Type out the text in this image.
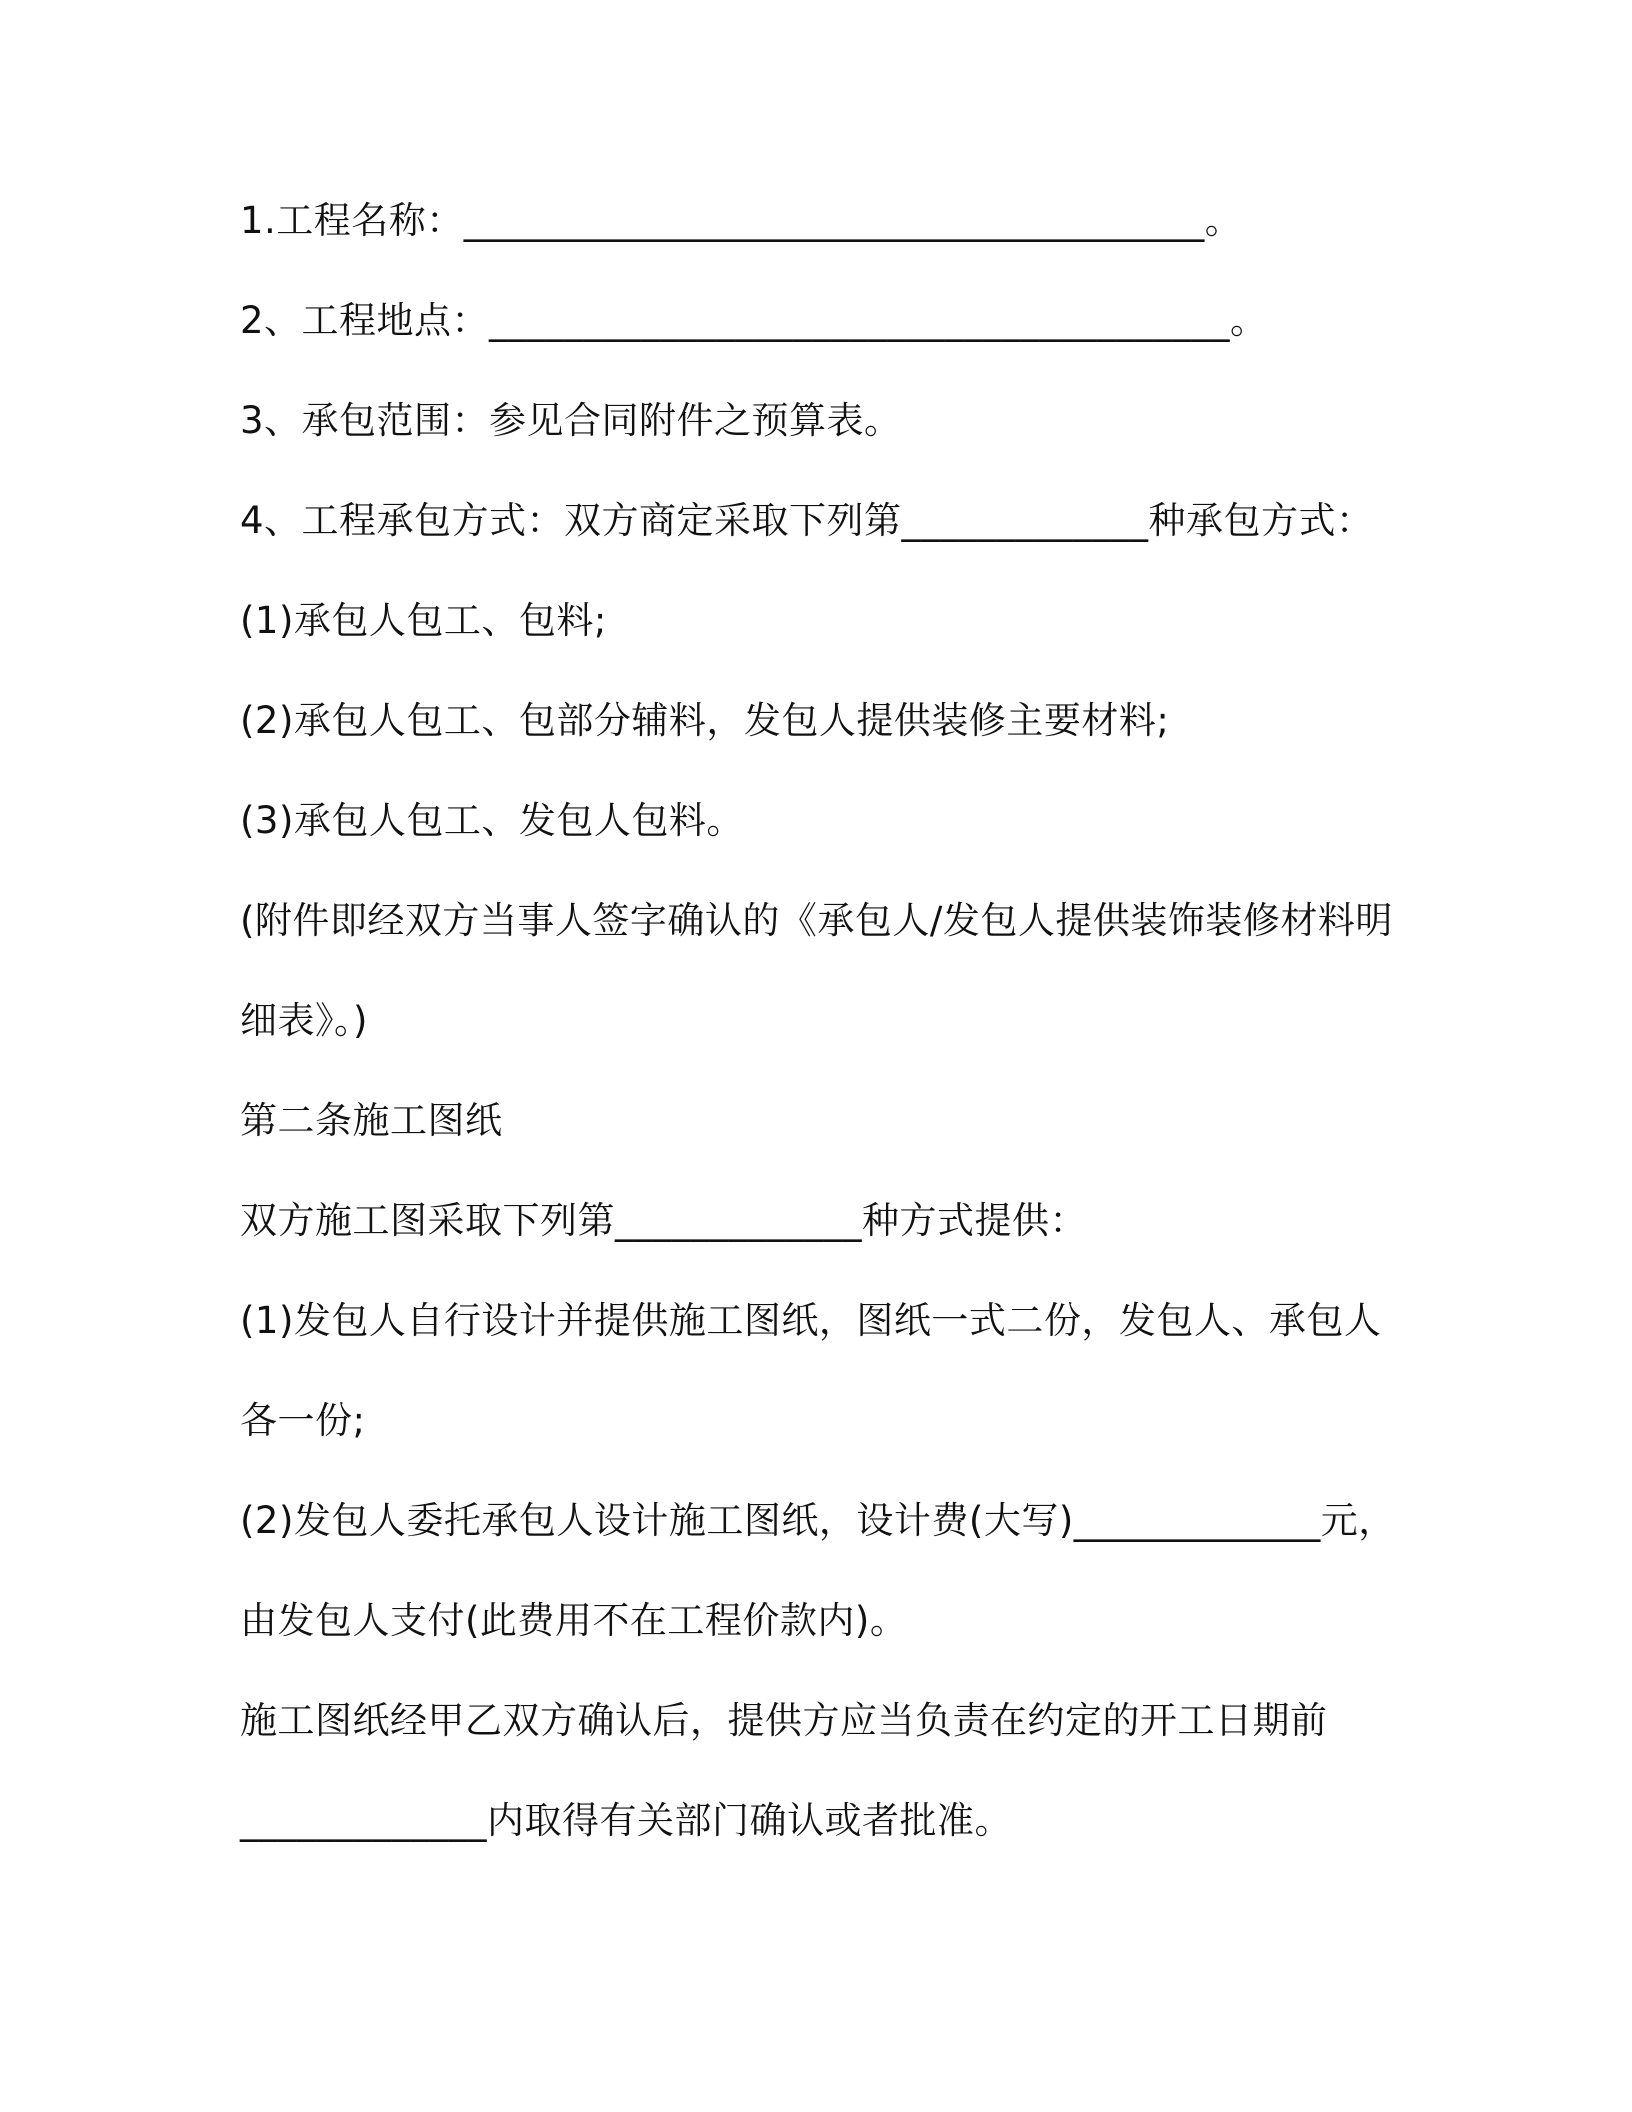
1.工程名称：_______________________________________。
2、工程地点：_______________________________________。
3、承包范围：参见合同附件之预算表。
4、工程承包方式：双方商定采取下列第_____________种承包方式：
(1)承包人包工、包料;
(2)承包人包工、包部分辅料，发包人提供装修主要材料;
(3)承包人包工、发包人包料。
(附件即经双方当事人签字确认的《承包人/发包人提供装饰装修材料明
细表》。)
第二条施工图纸
双方施工图采取下列第_____________种方式提供：
(1)发包人自行设计并提供施工图纸，图纸一式二份，发包人、承包人
各一份;
(2)发包人委托承包人设计施工图纸，设计费(大写)_____________元，
由发包人支付(此费用不在工程价款内)。
施工图纸经甲乙双方确认后，提供方应当负责在约定的开工日期前
_____________内取得有关部门确认或者批准。
